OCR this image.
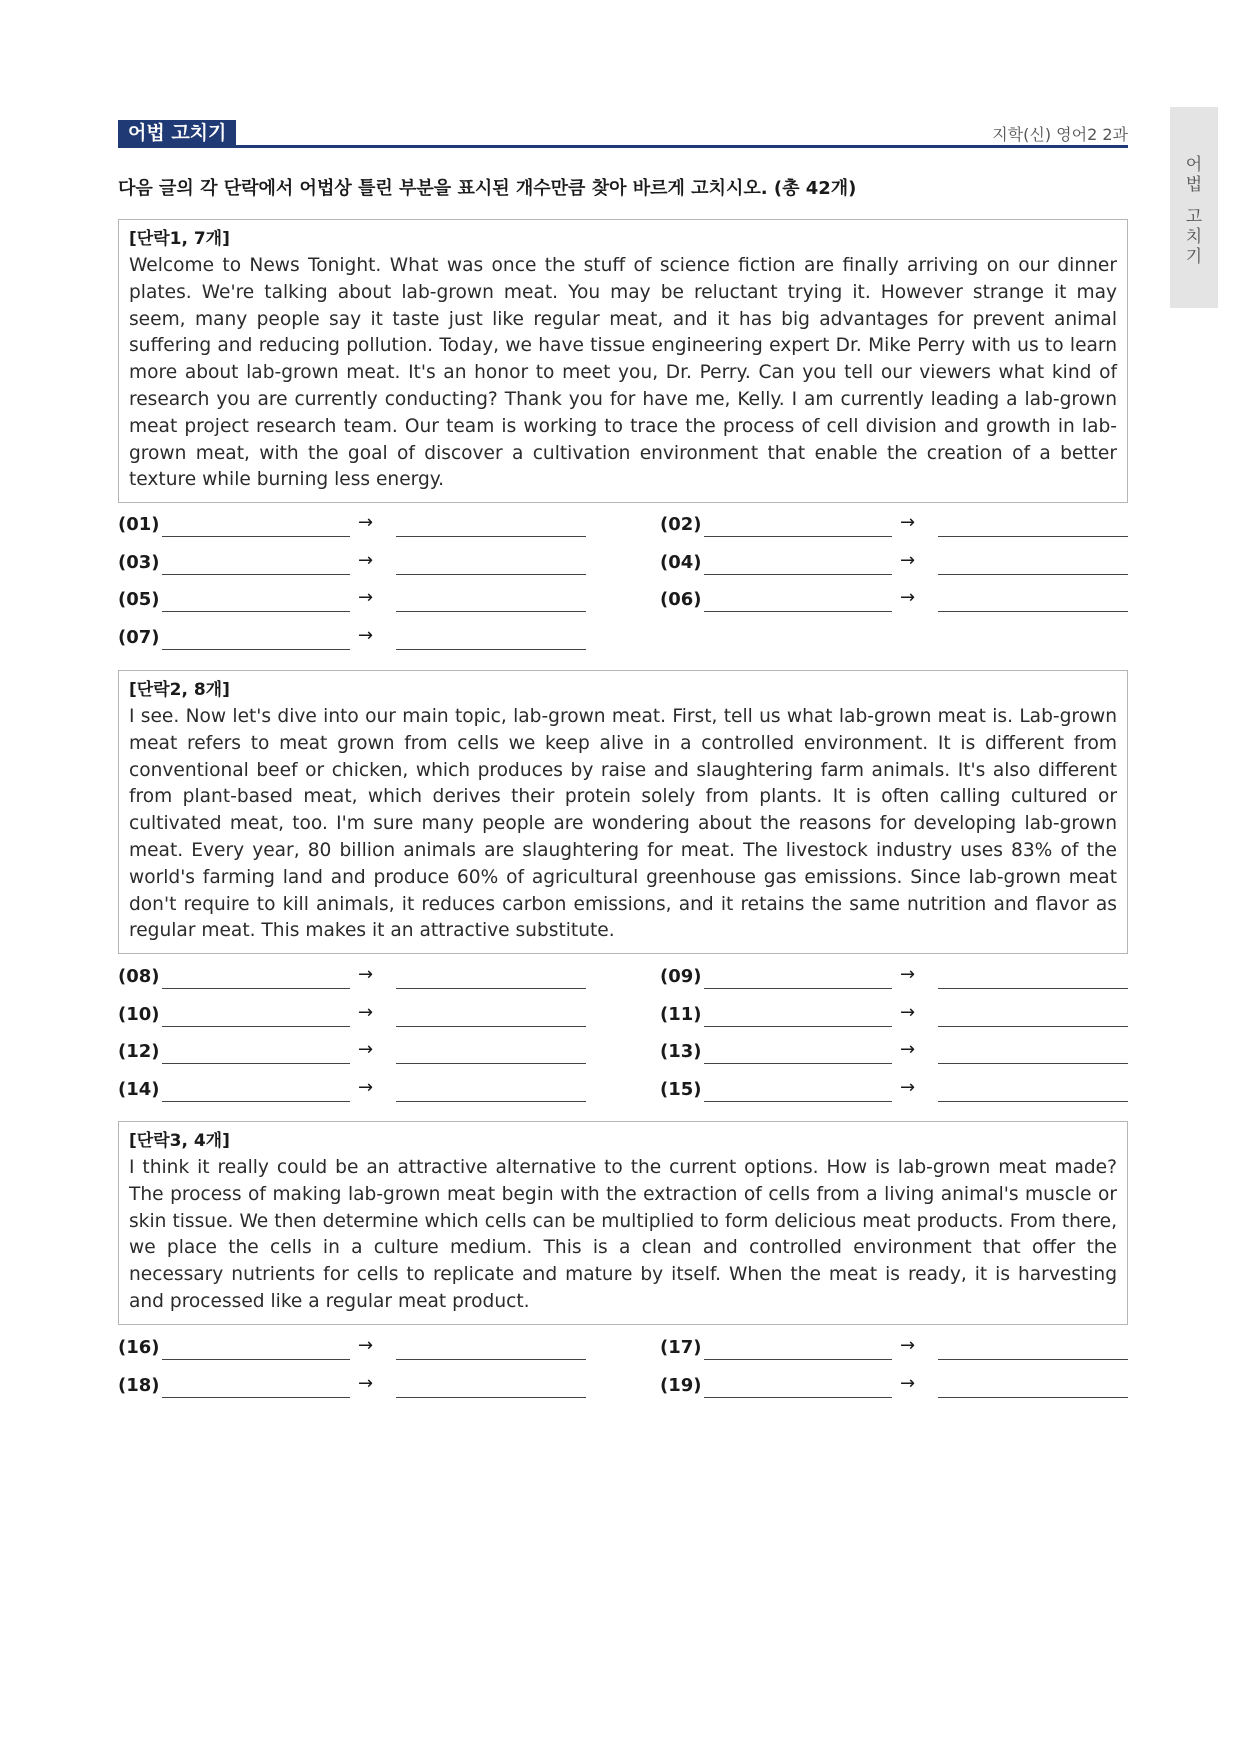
어법 고치기	지학(신) 영어2 2과
어
법
고
치
기
다음 글의 각 단락에서 어법상 틀린 부분을 표시된 개수만큼 찾아 바르게 고치시오. (총 42개)
[단락1, 7개]
Welcome to News Tonight. What was once the stuff of science fiction are finally arriving on our dinner plates. We're talking about lab-grown meat. You may be reluctant trying it. However strange it may seem, many people say it taste just like regular meat, and it has big advantages for prevent animal suffering and reducing pollution. Today, we have tissue engineering expert Dr. Mike Perry with us to learn more about lab-grown meat. It's an honor to meet you, Dr. Perry. Can you tell our viewers what kind of research you are currently conducting? Thank you for have me, Kelly. I am currently leading a lab-grown meat project research team. Our team is working to trace the process of cell division and growth in lab-grown meat, with the goal of discover a cultivation environment that enable the creation of a better texture while burning less energy.
(01)	→	(02)	→
(03)	→	(04)	→
(05)	→	(06)	→
(07)	→
[단락2, 8개]
I see. Now let's dive into our main topic, lab-grown meat. First, tell us what lab-grown meat is. Lab-grown meat refers to meat grown from cells we keep alive in a controlled environment. It is different from conventional beef or chicken, which produces by raise and slaughtering farm animals. It's also different from plant-based meat, which derives their protein solely from plants. It is often calling cultured or cultivated meat, too. I'm sure many people are wondering about the reasons for developing lab-grown meat. Every year, 80 billion animals are slaughtering for meat. The livestock industry uses 83% of the world's farming land and produce 60% of agricultural greenhouse gas emissions. Since lab-grown meat don't require to kill animals, it reduces carbon emissions, and it retains the same nutrition and flavor as regular meat. This makes it an attractive substitute.
(08)	→	(09)	→
(10)	→	(11)	→
(12)	→	(13)	→
(14)	→	(15)	→
[단락3, 4개]
I think it really could be an attractive alternative to the current options. How is lab-grown meat made? The process of making lab-grown meat begin with the extraction of cells from a living animal's muscle or skin tissue. We then determine which cells can be multiplied to form delicious meat products. From there, we place the cells in a culture medium. This is a clean and controlled environment that offer the necessary nutrients for cells to replicate and mature by itself. When the meat is ready, it is harvesting and processed like a regular meat product.
(16)	→	(17)	→
(18)	→	(19)	→
